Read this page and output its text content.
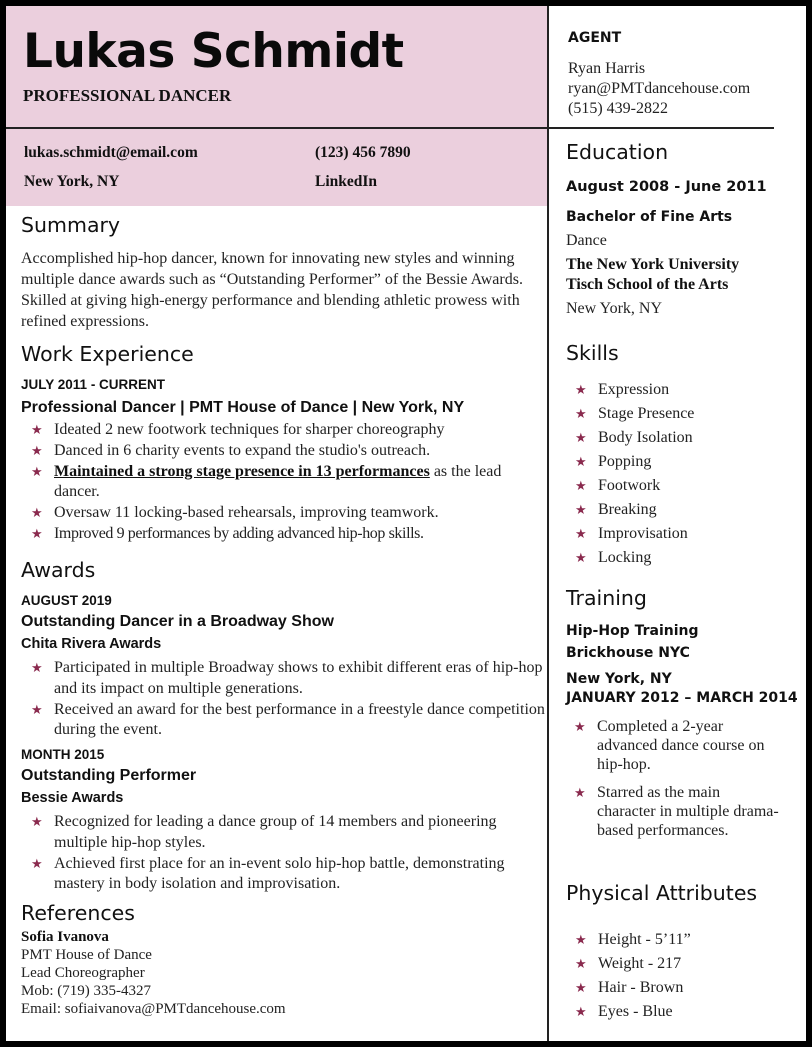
Lukas Schmidt
PROFESSIONAL DANCER
AGENT
Ryan Harris
ryan@PMTdancehouse.com
(515) 439-2822
lukas.schmidt@email.com	(123) 456 7890
New York, NY	LinkedIn
Summary

Accomplished hip-hop dancer, known for innovating new styles and winning multiple dance awards such as “Outstanding Performer” of the Bessie Awards. Skilled at giving high-energy performance and blending athletic prowess with refined expressions.

Work Experience
JULY 2011 - CURRENT
Professional Dancer | PMT House of Dance | New York, NY
★ Ideated 2 new footwork techniques for sharper choreography
★ Danced in 6 charity events to expand the studio's outreach.
★ Maintained a strong stage presence in 13 performances as the lead dancer.
★ Oversaw 11 locking-based rehearsals, improving teamwork.
★ Improved 9 performances by adding advanced hip-hop skills.
Awards
AUGUST 2019
Outstanding Dancer in a Broadway Show
Chita Rivera Awards
★ Participated in multiple Broadway shows to exhibit different eras of hip-hop and its impact on multiple generations.
★ Received an award for the best performance in a freestyle dance competition during the event.
MONTH 2015
Outstanding Performer
Bessie Awards
★ Recognized for leading a dance group of 14 members and pioneering multiple hip-hop styles.
★ Achieved first place for an in-event solo hip-hop battle, demonstrating mastery in body isolation and improvisation.
References
Sofia Ivanova
PMT House of Dance
Lead Choreographer
Mob: (719) 335-4327
Email: sofiaivanova@PMTdancehouse.com
Education
August 2008 - June 2011
Bachelor of Fine Arts
Dance
The New York University
Tisch School of the Arts
New York, NY
Skills
★ Expression
★ Stage Presence
★ Body Isolation
★ Popping
★ Footwork
★ Breaking
★ Improvisation
★ Locking
Training
Hip-Hop Training
Brickhouse NYC
New York, NY
JANUARY 2012 – MARCH 2014
★ Completed a 2-year advanced dance course on hip-hop.
★ Starred as the main character in multiple drama-based performances.
Physical Attributes
★ Height - 5’11”
★ Weight - 217
★ Hair - Brown
★ Eyes - Blue
